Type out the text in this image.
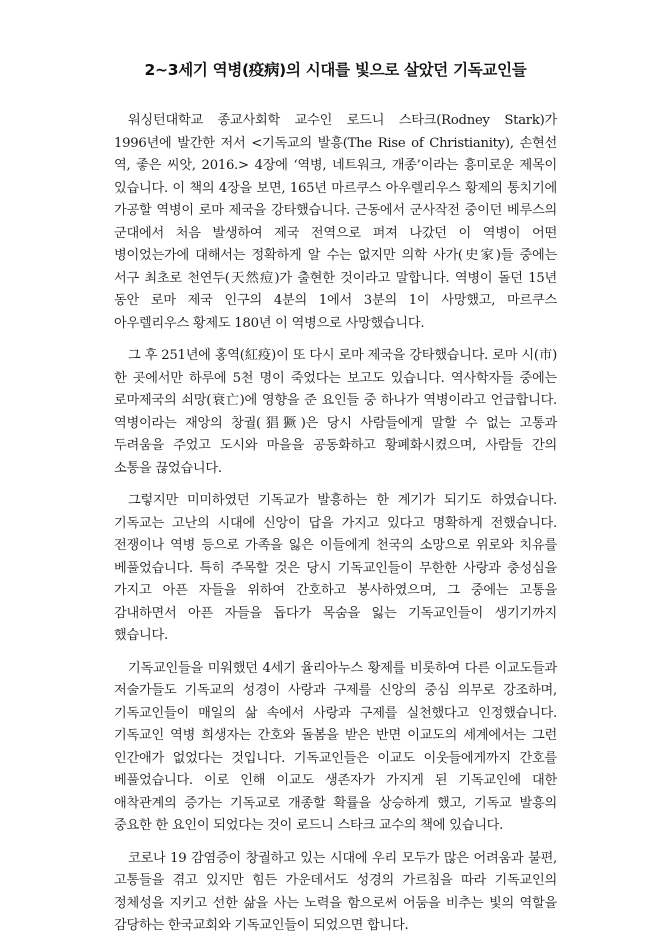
2~3세기 역병(疫病)의 시대를 빛으로 살았던 기독교인들

워싱턴대학교 종교사회학 교수인 로드니 스타크(Rodney Stark)가 1996년에 발간한 저서 <기독교의 발흥(The Rise of Christianity), 손현선 역, 좋은 씨앗, 2016.> 4장에 ‘역병, 네트워크, 개종’이라는 흥미로운 제목이 있습니다. 이 책의 4장을 보면, 165년 마르쿠스 아우렐리우스 황제의 통치기에 가공할 역병이 로마 제국을 강타했습니다. 근동에서 군사작전 중이던 베루스의 군대에서 처음 발생하여 제국 전역으로 퍼져 나갔던 이 역병이 어떤 병이었는가에 대해서는 정확하게 알 수는 없지만 의학 사가(史家)들 중에는 서구 최초로 천연두(天然痘)가 출현한 것이라고 말합니다. 역병이 돌던 15년 동안 로마 제국 인구의 4분의 1에서 3분의 1이 사망했고, 마르쿠스 아우렐리우스 황제도 180년 이 역병으로 사망했습니다.

그 후 251년에 홍역(紅疫)이 또 다시 로마 제국을 강타했습니다. 로마 시(市) 한 곳에서만 하루에 5천 명이 죽었다는 보고도 있습니다. 역사학자들 중에는 로마제국의 쇠망(衰亡)에 영향을 준 요인들 중 하나가 역병이라고 언급합니다. 역병이라는 재앙의 창궐(猖獗)은 당시 사람들에게 말할 수 없는 고통과 두려움을 주었고 도시와 마을을 공동화하고 황폐화시켰으며, 사람들 간의 소통을 끊었습니다.

그렇지만 미미하였던 기독교가 발흥하는 한 계기가 되기도 하였습니다. 기독교는 고난의 시대에 신앙이 답을 가지고 있다고 명확하게 전했습니다. 전쟁이나 역병 등으로 가족을 잃은 이들에게 천국의 소망으로 위로와 치유를 베풀었습니다. 특히 주목할 것은 당시 기독교인들이 무한한 사랑과 충성심을 가지고 아픈 자들을 위하여 간호하고 봉사하였으며, 그 중에는 고통을 감내하면서 아픈 자들을 돕다가 목숨을 잃는 기독교인들이 생기기까지 했습니다.

기독교인들을 미워했던 4세기 율리아누스 황제를 비롯하여 다른 이교도들과 저술가들도 기독교의 성경이 사랑과 구제를 신앙의 중심 의무로 강조하며, 기독교인들이 매일의 삶 속에서 사랑과 구제를 실천했다고 인정했습니다. 기독교인 역병 희생자는 간호와 돌봄을 받은 반면 이교도의 세계에서는 그런 인간애가 없었다는 것입니다. 기독교인들은 이교도 이웃들에게까지 간호를 베풀었습니다. 이로 인해 이교도 생존자가 가지게 된 기독교인에 대한 애착관계의 증가는 기독교로 개종할 확률을 상승하게 했고, 기독교 발흥의 중요한 한 요인이 되었다는 것이 로드니 스타크 교수의 책에 있습니다.

코로나 19 감염증이 창궐하고 있는 시대에 우리 모두가 많은 어려움과 불편, 고통들을 겪고 있지만 힘든 가운데서도 성경의 가르침을 따라 기독교인의 정체성을 지키고 선한 삶을 사는 노력을 함으로써 어둠을 비추는 빛의 역할을 감당하는 한국교회와 기독교인들이 되었으면 합니다.
